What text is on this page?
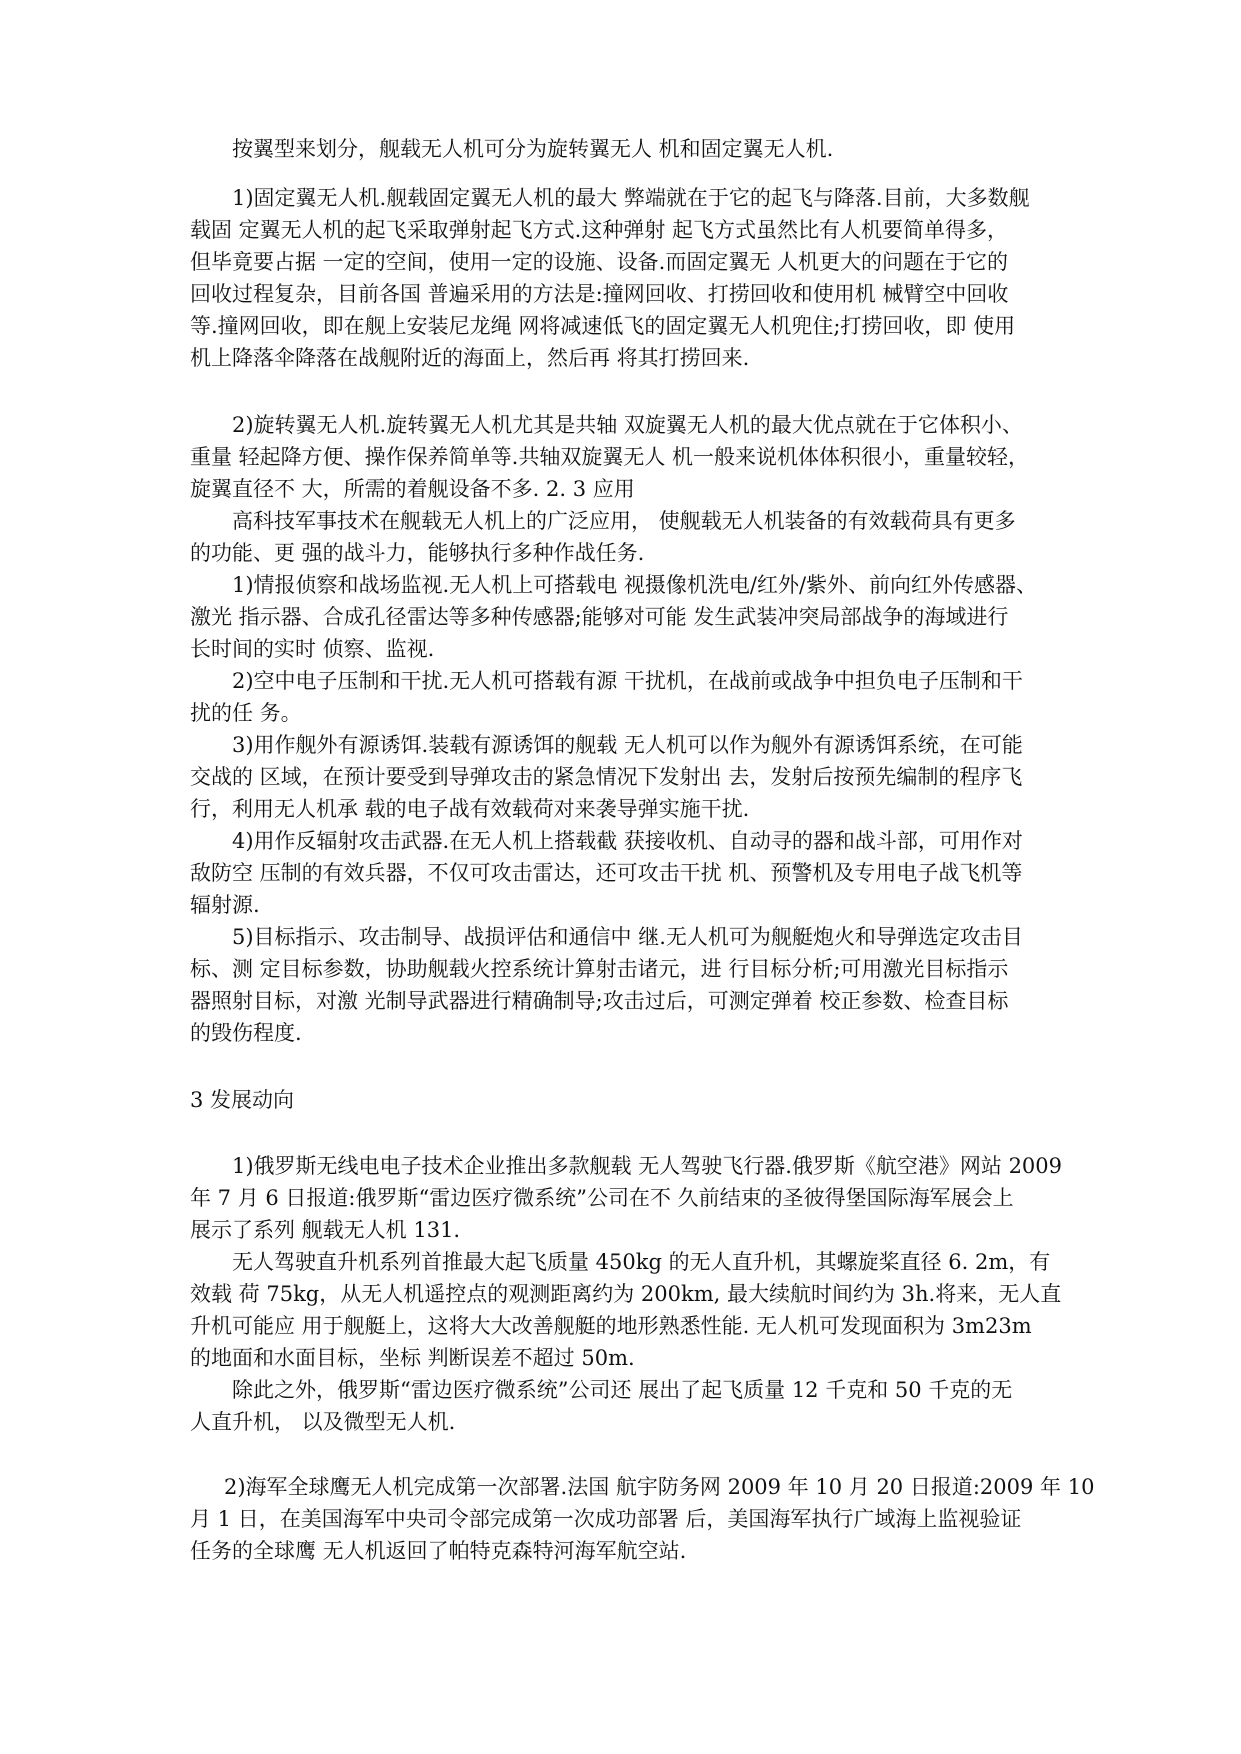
按翼型来划分，舰载无人机可分为旋转翼无人 机和固定翼无人机.
1)固定翼无人机.舰载固定翼无人机的最大 弊端就在于它的起飞与降落.目前，大多数舰
载固 定翼无人机的起飞采取弹射起飞方式.这种弹射 起飞方式虽然比有人机要简单得多，
但毕竟要占据 一定的空间，使用一定的设施、设备.而固定翼无 人机更大的问题在于它的
回收过程复杂，目前各国 普遍采用的方法是:撞网回收、打捞回收和使用机 械臂空中回收
等.撞网回收，即在舰上安装尼龙绳 网将减速低飞的固定翼无人机兜住;打捞回收，即 使用
机上降落伞降落在战舰附近的海面上，然后再 将其打捞回来.
2)旋转翼无人机.旋转翼无人机尤其是共轴 双旋翼无人机的最大优点就在于它体积小、
重量 轻起降方便、操作保养简单等.共轴双旋翼无人 机一般来说机体体积很小，重量较轻，
旋翼直径不 大，所需的着舰设备不多. 2. 3 应用
高科技军事技术在舰载无人机上的广泛应用， 使舰载无人机装备的有效载荷具有更多
的功能、更 强的战斗力，能够执行多种作战任务.
1)情报侦察和战场监视.无人机上可搭载电 视摄像机洗电/红外/紫外、前向红外传感器、
激光 指示器、合成孔径雷达等多种传感器;能够对可能 发生武装冲突局部战争的海域进行
长时间的实时 侦察、监视.
2)空中电子压制和干扰.无人机可搭载有源 干扰机，在战前或战争中担负电子压制和干
扰的任 务。
3)用作舰外有源诱饵.装载有源诱饵的舰载 无人机可以作为舰外有源诱饵系统，在可能
交战的 区域，在预计要受到导弹攻击的紧急情况下发射出 去，发射后按预先编制的程序飞
行，利用无人机承 载的电子战有效载荷对来袭导弹实施干扰.
4)用作反辐射攻击武器.在无人机上搭载截 获接收机、自动寻的器和战斗部，可用作对
敌防空 压制的有效兵器，不仅可攻击雷达，还可攻击干扰 机、预警机及专用电子战飞机等
辐射源.
5)目标指示、攻击制导、战损评估和通信中 继.无人机可为舰艇炮火和导弹选定攻击目
标、测 定目标参数，协助舰载火控系统计算射击诸元，进 行目标分析;可用激光目标指示
器照射目标，对激 光制导武器进行精确制导;攻击过后，可测定弹着 校正参数、检查目标
的毁伤程度.
3 发展动向
1)俄罗斯无线电电子技术企业推出多款舰载 无人驾驶飞行器.俄罗斯《航空港》网站 2009
年 7 月 6 日报道:俄罗斯“雷边医疗微系统”公司在不 久前结束的圣彼得堡国际海军展会上
展示了系列 舰载无人机 131.
无人驾驶直升机系列首推最大起飞质量 450kg 的无人直升机，其螺旋桨直径 6. 2m，有
效载 荷 75kg，从无人机遥控点的观测距离约为 200km, 最大续航时间约为 3h.将来，无人直
升机可能应 用于舰艇上，这将大大改善舰艇的地形熟悉性能. 无人机可发现面积为 3m23m
的地面和水面目标，坐标 判断误差不超过 50m.
除此之外，俄罗斯“雷边医疗微系统”公司还 展出了起飞质量 12 千克和 50 千克的无
人直升机， 以及微型无人机.
2)海军全球鹰无人机完成第一次部署.法国 航宇防务网 2009 年 10 月 20 日报道:2009 年 10
月 1 日，在美国海军中央司令部完成第一次成功部署 后，美国海军执行广域海上监视验证
任务的全球鹰 无人机返回了帕特克森特河海军航空站.
